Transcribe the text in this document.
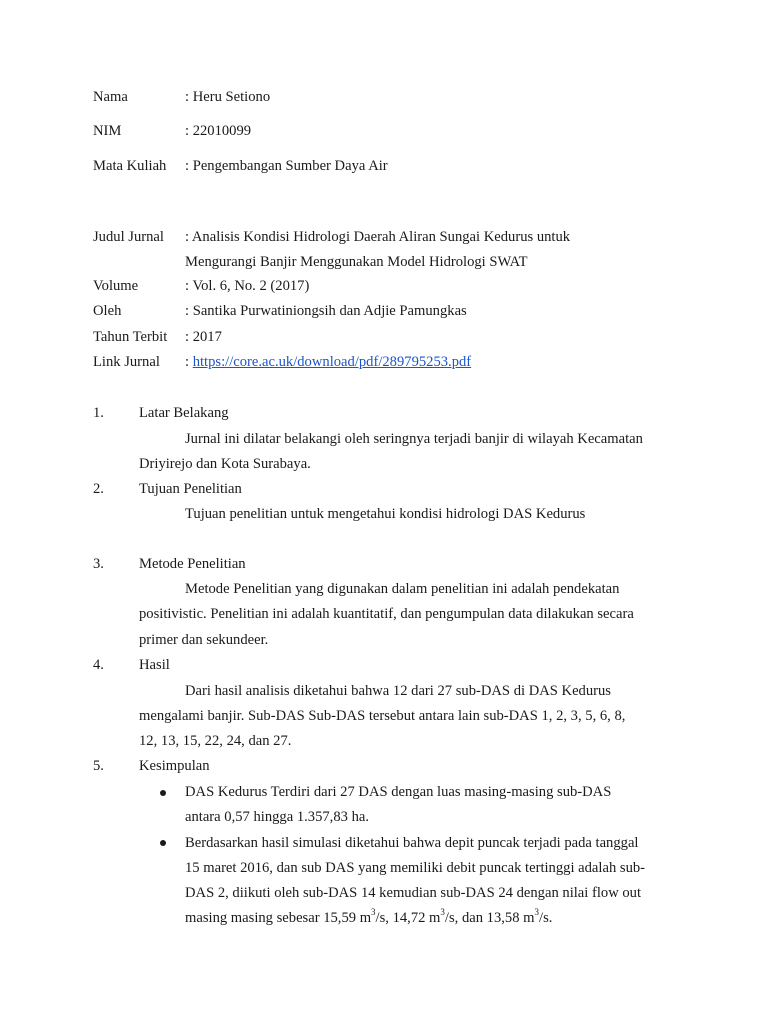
Nama	: Heru Setiono
NIM	: 22010099
Mata Kuliah : Pengembangan Sumber Daya Air
Judul Jurnal : Analisis Kondisi Hidrologi Daerah Aliran Sungai Kedurus untuk
Mengurangi Banjir Menggunakan Model Hidrologi SWAT
Volume	: Vol. 6, No. 2 (2017)
Oleh	: Santika Purwatiniongsih dan Adjie Pamungkas
Tahun Terbit : 2017
Link Jurnal : https://core.ac.uk/download/pdf/289795253.pdf
1. Latar Belakang
Jurnal ini dilatar belakangi oleh seringnya terjadi banjir di wilayah Kecamatan
Driyirejo dan Kota Surabaya.
2. Tujuan Penelitian
Tujuan penelitian untuk mengetahui kondisi hidrologi DAS Kedurus
3. Metode Penelitian
Metode Penelitian yang digunakan dalam penelitian ini adalah pendekatan
positivistic. Penelitian ini adalah kuantitatif, dan pengumpulan data dilakukan secara
primer dan sekundeer.
4. Hasil
Dari hasil analisis diketahui bahwa 12 dari 27 sub-DAS di DAS Kedurus
mengalami banjir. Sub-DAS Sub-DAS tersebut antara lain sub-DAS 1, 2, 3, 5, 6, 8,
12, 13, 15, 22, 24, dan 27.
5. Kesimpulan
DAS Kedurus Terdiri dari 27 DAS dengan luas masing-masing sub-DAS
antara 0,57 hingga 1.357,83 ha.
Berdasarkan hasil simulasi diketahui bahwa depit puncak terjadi pada tanggal
15 maret 2016, dan sub DAS yang memiliki debit puncak tertinggi adalah sub-
DAS 2, diikuti oleh sub-DAS 14 kemudian sub-DAS 24 dengan nilai flow out
masing masing sebesar 15,59 $m^3/s$, 14,72 $m^3/s$, dan 13,58 $m^3/s$.
